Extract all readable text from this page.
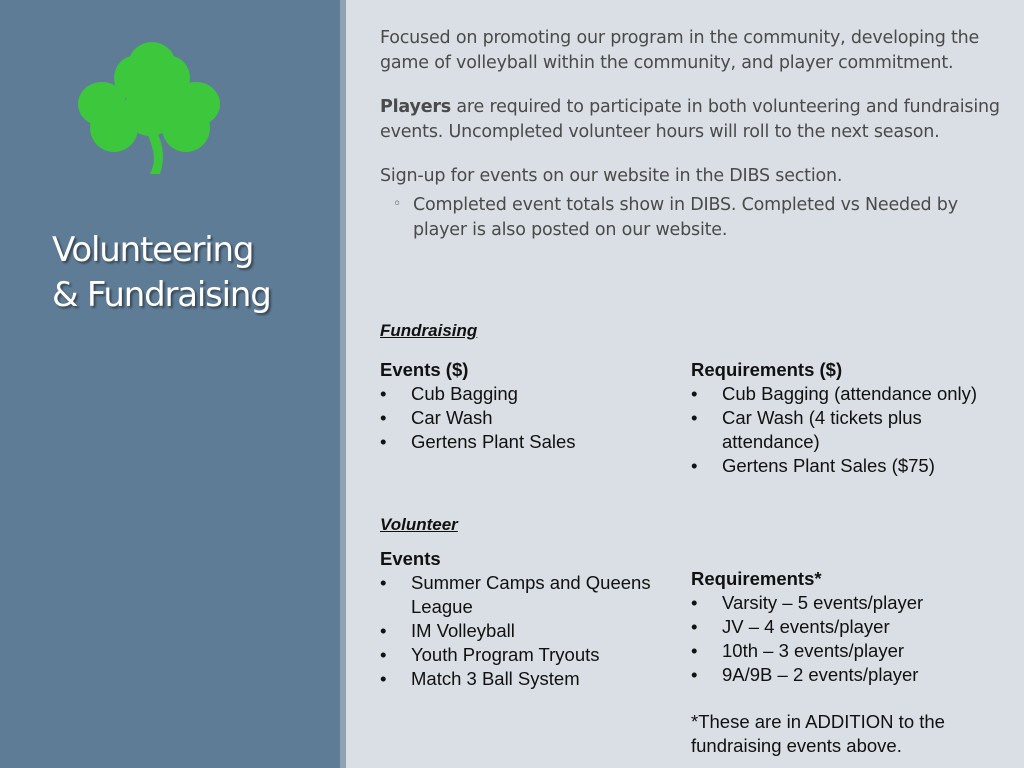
Volunteering
& Fundraising

Focused on promoting our program in the community, developing the game of volleyball within the community, and player commitment.

Players are required to participate in both volunteering and fundraising events. Uncompleted volunteer hours will roll to the next season.

Sign-up for events on our website in the DIBS section.

◦ Completed event totals show in DIBS. Completed vs Needed by player is also posted on our website.
Fundraising
Events ($)
•	Cub Bagging
•	Car Wash
•	Gertens Plant Sales
Requirements ($)
•	Cub Bagging (attendance only)
•	Car Wash (4 tickets plus attendance)
•	Gertens Plant Sales ($75)
Volunteer
Events
•	Summer Camps and Queens League
•	IM Volleyball
•	Youth Program Tryouts
•	Match 3 Ball System
Requirements*
•	Varsity – 5 events/player
•	JV – 4 events/player
•	10th – 3 events/player
•	9A/9B – 2 events/player
*These are in ADDITION to the fundraising events above.
